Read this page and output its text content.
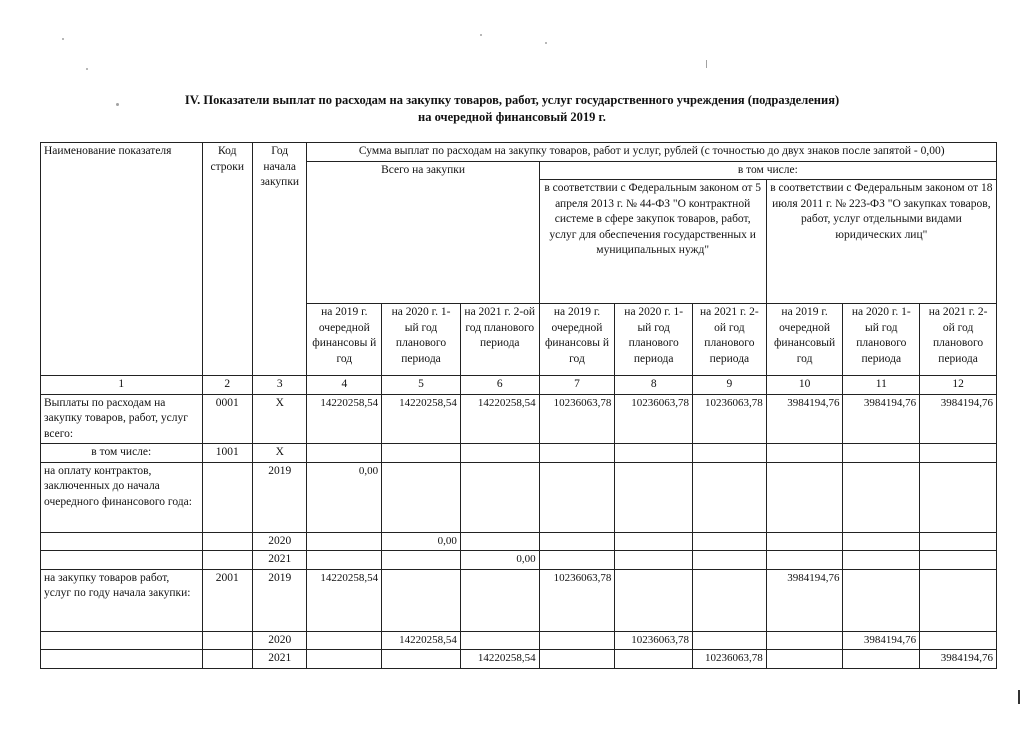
IV. Показатели выплат по расходам на закупку товаров, работ, услуг государственного учреждения (подразделения)
на очередной финансовый 2019 г.
Наименование показателя	Код строки	Год начала закупки	Сумма выплат по расходам на закупку товаров, работ и услуг, рублей (с точностью до двух знаков после запятой - 0,00)								
			Всего на закупки			в том числе:					
						в соответствии с Федеральным законом от 5 апреля 2013 г. № 44-ФЗ "О контрактной системе в сфере закупок товаров, работ, услуг для обеспечения государственных и муниципальных нужд"			в соответствии с Федеральным законом от 18 июля 2011 г. № 223-ФЗ "О закупках товаров, работ, услуг отдельными видами юридических лиц"		
			на 2019 г. очередной финансовы й год	на 2020 г. 1-ый год планового периода	на 2021 г. 2-ой год планового периода	на 2019 г. очередной финансовы й год	на 2020 г. 1-ый год планового периода	на 2021 г. 2-ой год планового периода	на 2019 г. очередной финансовый год	на 2020 г. 1-ый год планового периода	на 2021 г. 2-ой год планового периода
1	2	3	4	5	6	7	8	9	10	11	12
Выплаты по расходам на закупку товаров, работ, услуг всего:	0001	X	14220258,54	14220258,54	14220258,54	10236063,78	10236063,78	10236063,78	3984194,76	3984194,76	3984194,76
в том числе:	1001	X									
на оплату контрактов, заключенных до начала очередного финансового года:		2019	0,00								
		2020		0,00							
		2021			0,00						
на закупку товаров работ, услуг по году начала закупки:	2001	2019	14220258,54			10236063,78			3984194,76		
		2020		14220258,54			10236063,78			3984194,76	
		2021			14220258,54			10236063,78			3984194,76
